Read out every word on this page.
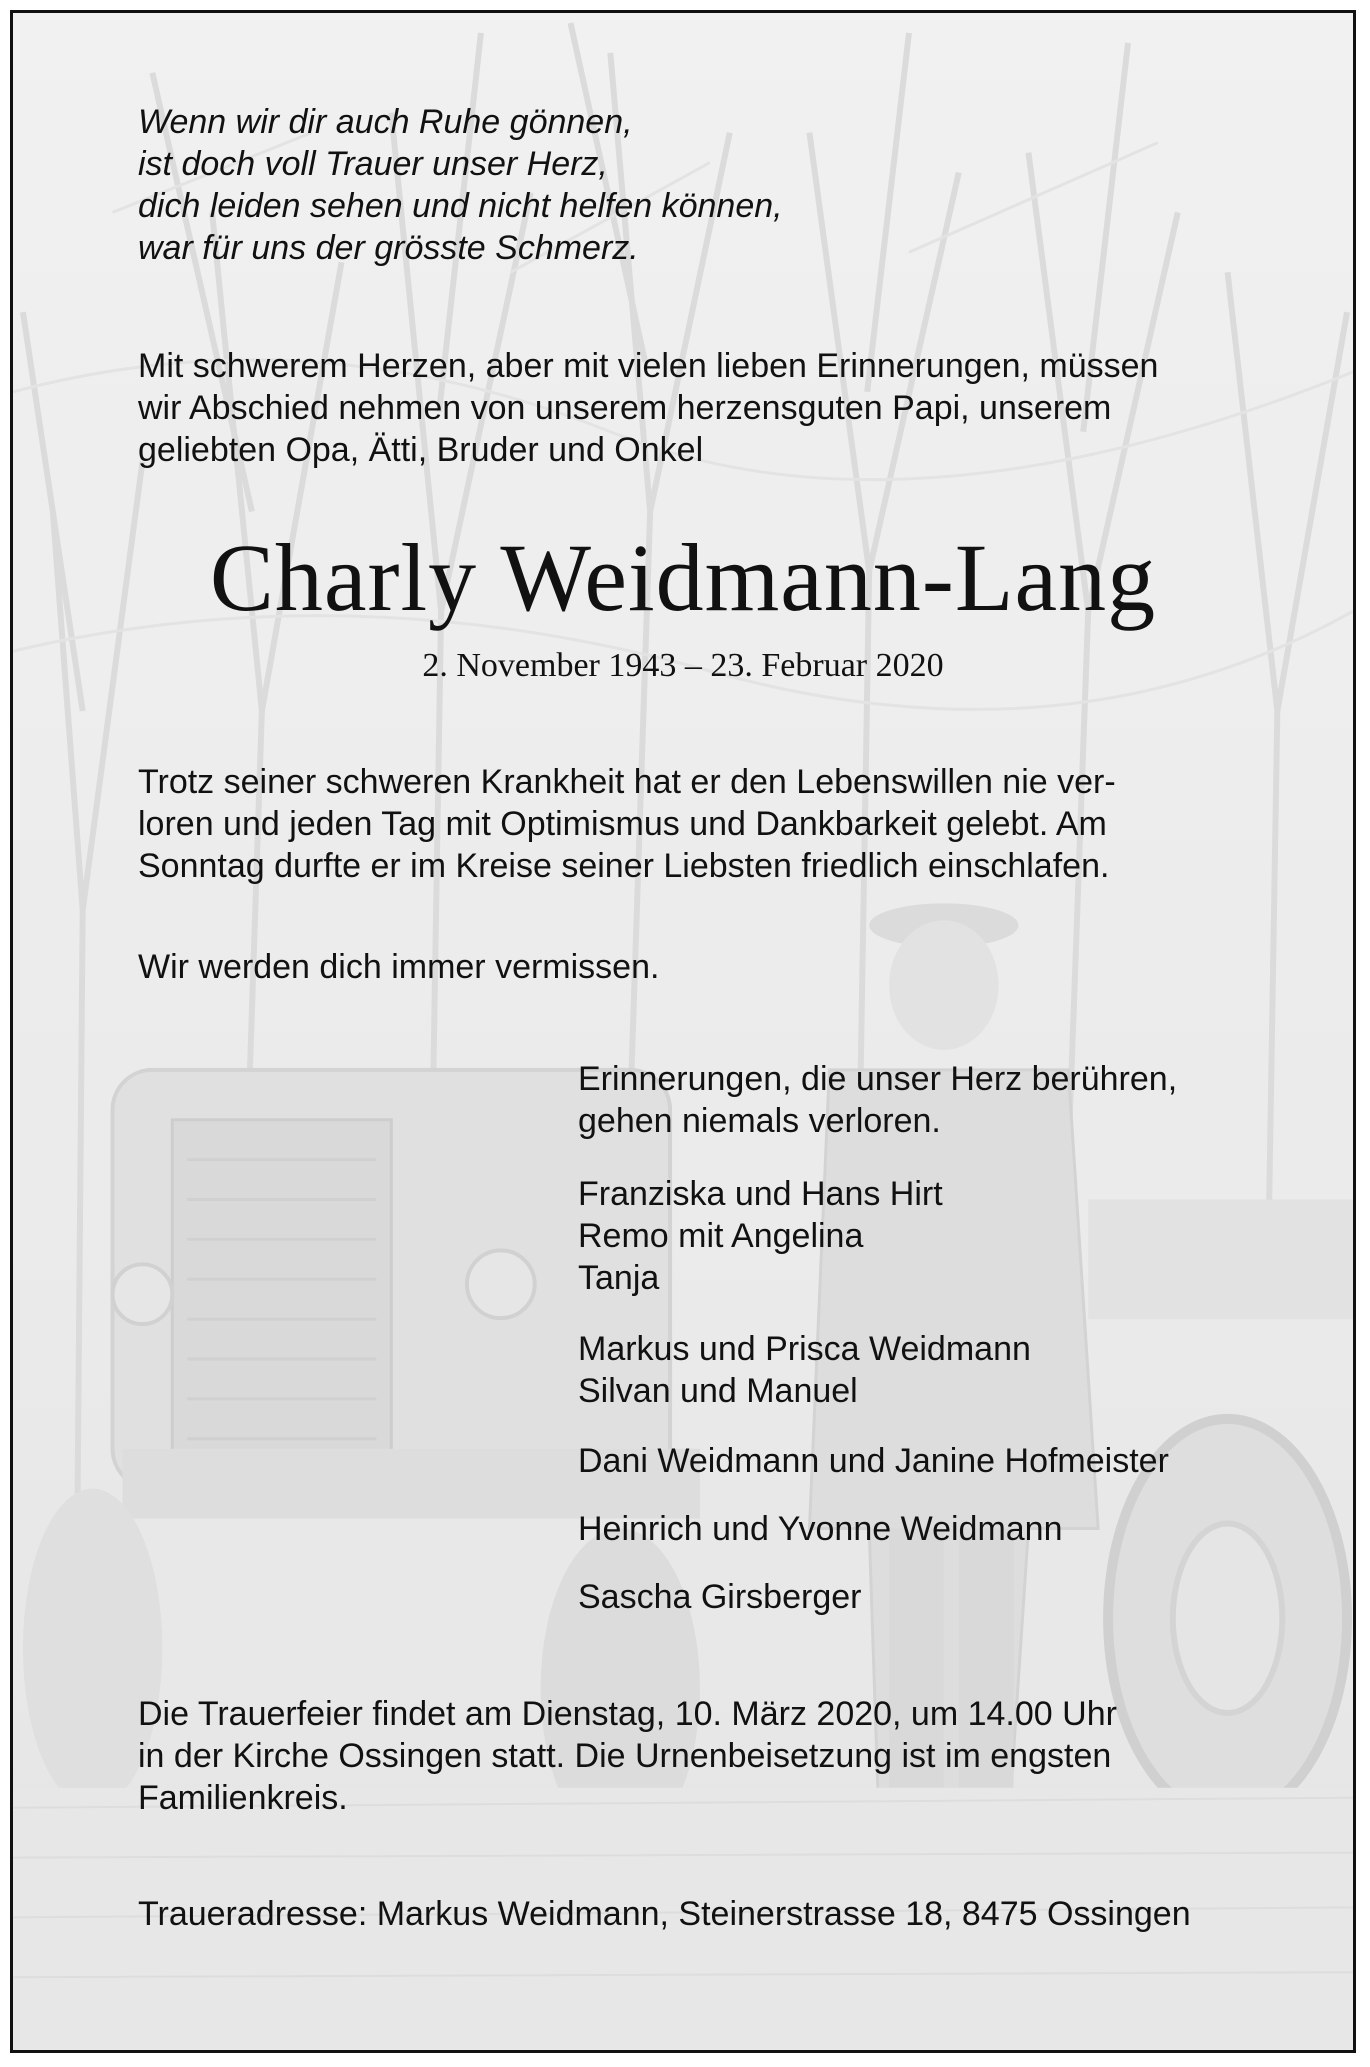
Wenn wir dir auch Ruhe gönnen,
ist doch voll Trauer unser Herz,
dich leiden sehen und nicht helfen können,
war für uns der grösste Schmerz.
Mit schwerem Herzen, aber mit vielen lieben Erinnerungen, müssen
wir Abschied nehmen von unserem herzensguten Papi, unserem
geliebten Opa, Ätti, Bruder und Onkel
Charly Weidmann-Lang
2. November 1943 – 23. Februar 2020
Trotz seiner schweren Krankheit hat er den Lebenswillen nie ver-
loren und jeden Tag mit Optimismus und Dankbarkeit gelebt. Am
Sonntag durfte er im Kreise seiner Liebsten friedlich einschlafen.
Wir werden dich immer vermissen.
Erinnerungen, die unser Herz berühren,
gehen niemals verloren.
Franziska und Hans Hirt
Remo mit Angelina
Tanja
Markus und Prisca Weidmann
Silvan und Manuel
Dani Weidmann und Janine Hofmeister
Heinrich und Yvonne Weidmann
Sascha Girsberger
Die Trauerfeier findet am Dienstag, 10. März 2020, um 14.00 Uhr
in der Kirche Ossingen statt. Die Urnenbeisetzung ist im engsten
Familienkreis.
Traueradresse: Markus Weidmann, Steinerstrasse 18, 8475 Ossingen
